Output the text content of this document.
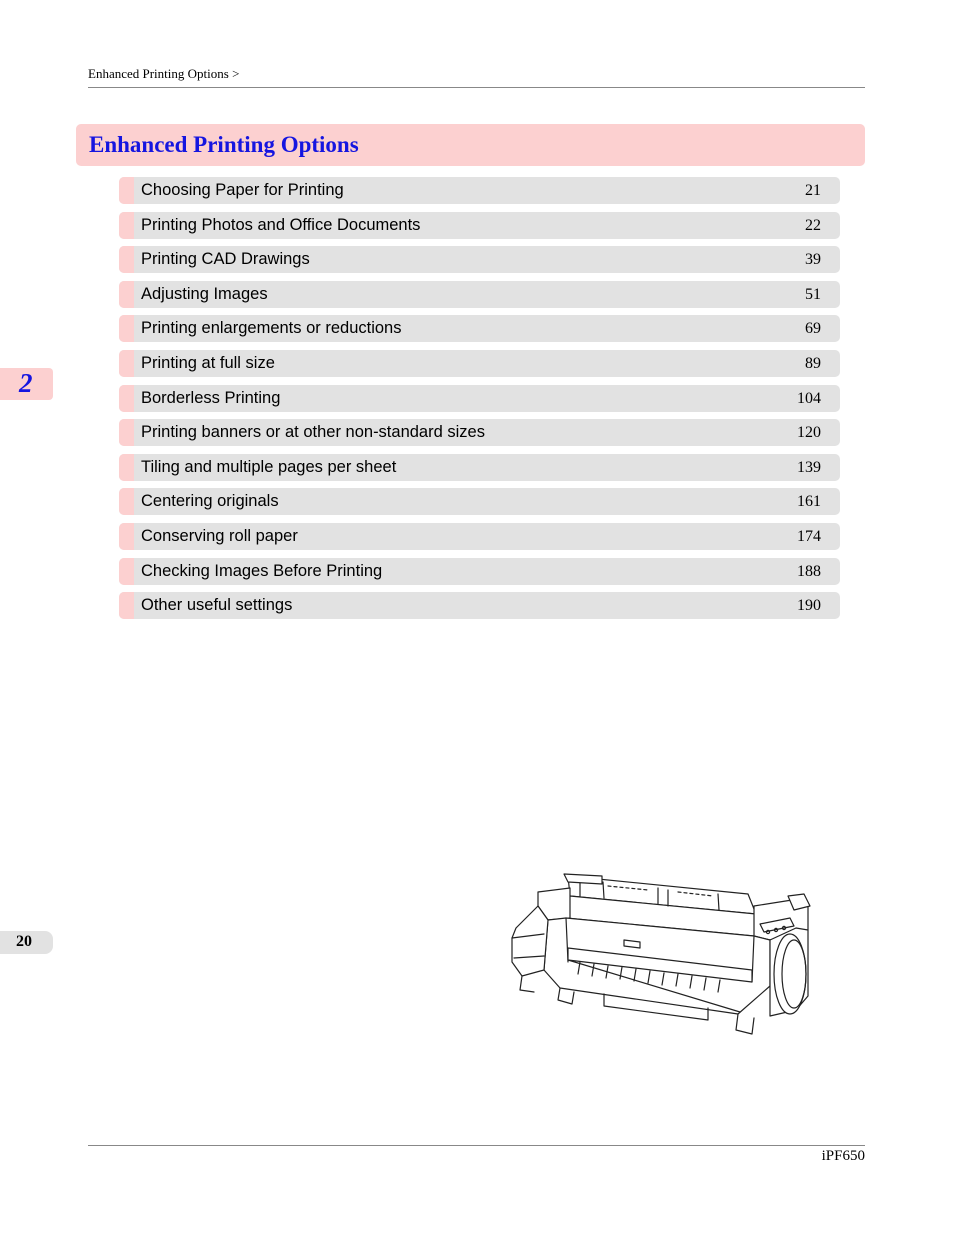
Enhanced Printing Options >
Enhanced Printing Options
Choosing Paper for Printing	21
Printing Photos and Office Documents	22
Printing CAD Drawings	39
Adjusting Images	51
Printing enlargements or reductions	69
Printing at full size	89
Borderless Printing	104
Printing banners or at other non-standard sizes	120
Tiling and multiple pages per sheet	139
Centering originals	161
Conserving roll paper	174
Checking Images Before Printing	188
Other useful settings	190
2
20
iPF650
